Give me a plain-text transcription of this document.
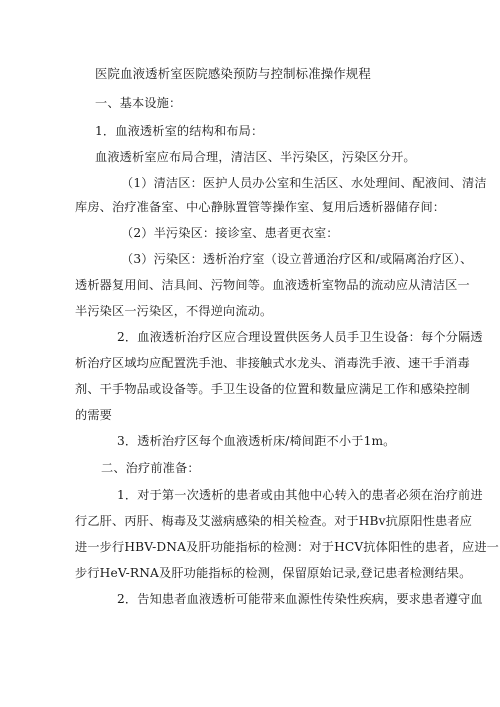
医院血液透析室医院感染预防与控制标准操作规程
一、基本设施：
1．血液透析室的结构和布局：
血液透析室应布局合理，清洁区、半污染区，污染区分开。
（1）清洁区：医护人员办公室和生活区、水处理间、配液间、清洁
库房、治疗准备室、中心静脉置管等操作室、复用后透析器储存间：
（2）半污染区：接诊室、患者更衣室：
（3）污染区：透析治疗室（设立普通治疗区和/或隔离治疗区）、
透析器复用间、洁具间、污物间等。血液透析室物品的流动应从清洁区一
半污染区一污染区，不得逆向流动。
2．血液透析治疗区应合理设置供医务人员手卫生设备：每个分隔透
析治疗区域均应配置洗手池、非接触式水龙头、消毒洗手液、速干手消毒
剂、干手物品或设备等。手卫生设备的位置和数量应满足工作和感染控制
的需要
3．透析治疗区每个血液透析床/椅间距不小于1m。
二、治疗前准备：
1．对于第一次透析的患者或由其他中心转入的患者必须在治疗前进
行乙肝、丙肝、梅毒及艾滋病感染的相关检查。对于HBv抗原阳性患者应
进一步行HBV-DNA及肝功能指标的检测：对于HCV抗体阳性的患者，应进一
步行HeV-RNA及肝功能指标的检测，保留原始记录,登记患者检测结果。
2．告知患者血液透析可能带来血源性传染性疾病，要求患者遵守血
